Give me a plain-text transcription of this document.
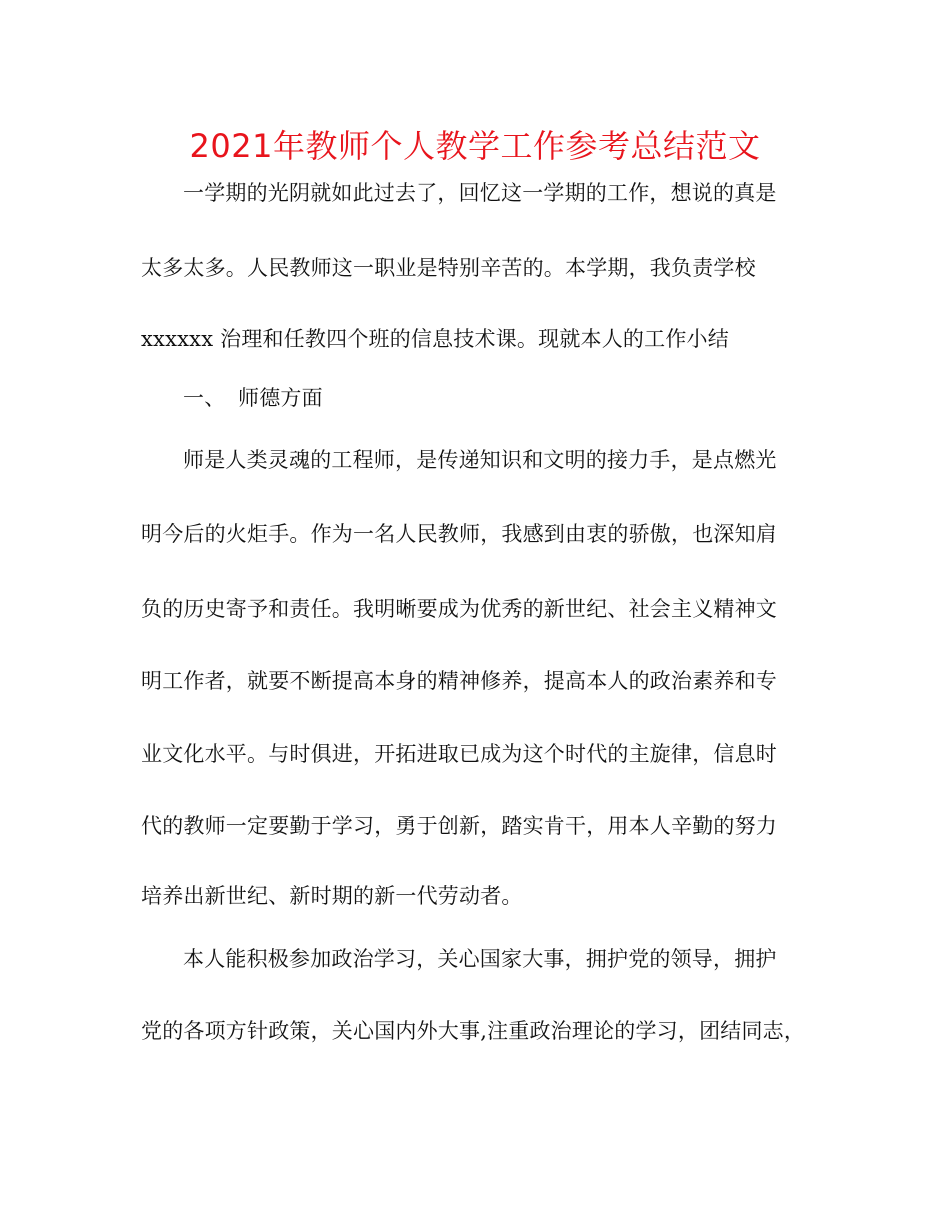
2021年教师个人教学工作参考总结范文
一学期的光阴就如此过去了，回忆这一学期的工作，想说的真是
太多太多。人民教师这一职业是特别辛苦的。本学期，我负责学校
xxxxxx 治理和任教四个班的信息技术课。现就本人的工作小结
一、 师德方面
师是人类灵魂的工程师，是传递知识和文明的接力手，是点燃光
明今后的火炬手。作为一名人民教师，我感到由衷的骄傲，也深知肩
负的历史寄予和责任。我明晰要成为优秀的新世纪、社会主义精神文
明工作者，就要不断提高本身的精神修养，提高本人的政治素养和专
业文化水平。与时俱进，开拓进取已成为这个时代的主旋律，信息时
代的教师一定要勤于学习，勇于创新，踏实肯干，用本人辛勤的努力
培养出新世纪、新时期的新一代劳动者。
本人能积极参加政治学习，关心国家大事，拥护党的领导，拥护
党的各项方针政策，关心国内外大事,注重政治理论的学习，团结同志，
